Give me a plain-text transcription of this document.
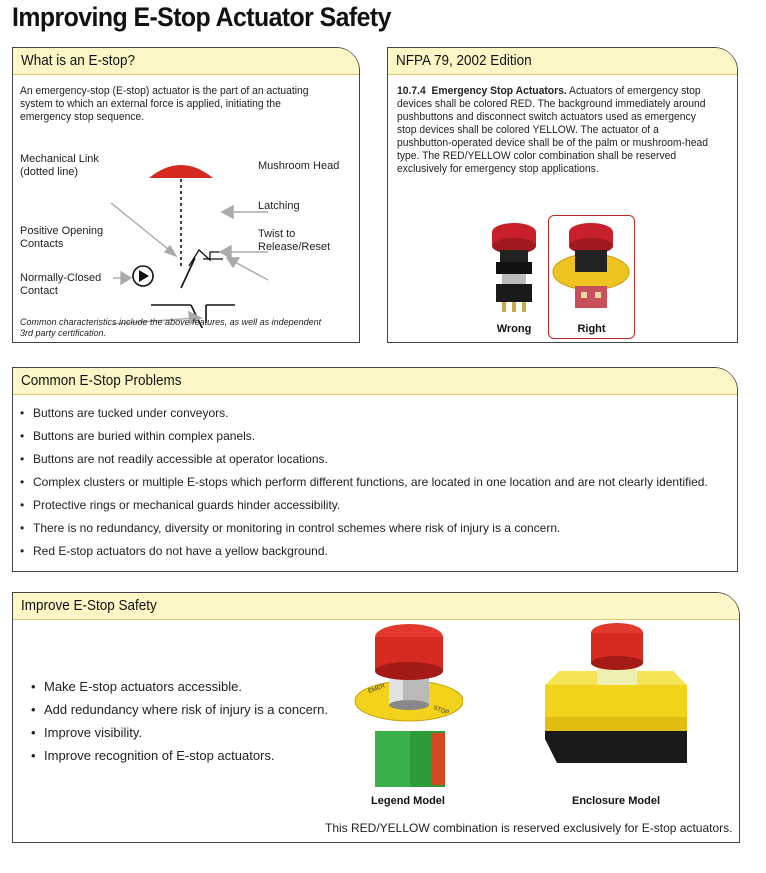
Improving E-Stop Actuator Safety
What is an E-stop?
An emergency-stop (E-stop) actuator is the part of an actuating system to which an external force is applied, initiating the emergency stop sequence.
Mechanical Link
(dotted line)	Mushroom Head
Latching
Positive Opening
Contacts
Twist to
Release/Reset
Normally-Closed
Contact
Common characteristics include the above features, as well as independent
3rd party certification.
NFPA 79, 2002 Edition
10.7.4 Emergency Stop Actuators. Actuators of emergency stop devices shall be colored RED. The background immediately around pushbuttons and disconnect switch actuators used as emergency stop devices shall be colored YELLOW. The actuator of a pushbutton-operated device shall be of the palm or mushroom-head type. The RED/YELLOW color combination shall be reserved exclusively for emergency stop applications.
Wrong	Right
Common E-Stop Problems
• Buttons are tucked under conveyors.
• Buttons are buried within complex panels.
• Buttons are not readily accessible at operator locations.
• Complex clusters or multiple E-stops which perform different functions, are located in one location and are not clearly identified.
• Protective rings or mechanical guards hinder accessibility.
• There is no redundancy, diversity or monitoring in control schemes where risk of injury is a concern.
• Red E-stop actuators do not have a yellow background.
Improve E-Stop Safety
• Make E-stop actuators accessible.
• Add redundancy where risk of injury is a concern.
• Improve visibility.
• Improve recognition of E-stop actuators.
EMER
STOP
Legend Model	Enclosure Model
This RED/YELLOW combination is reserved exclusively for E-stop actuators.
